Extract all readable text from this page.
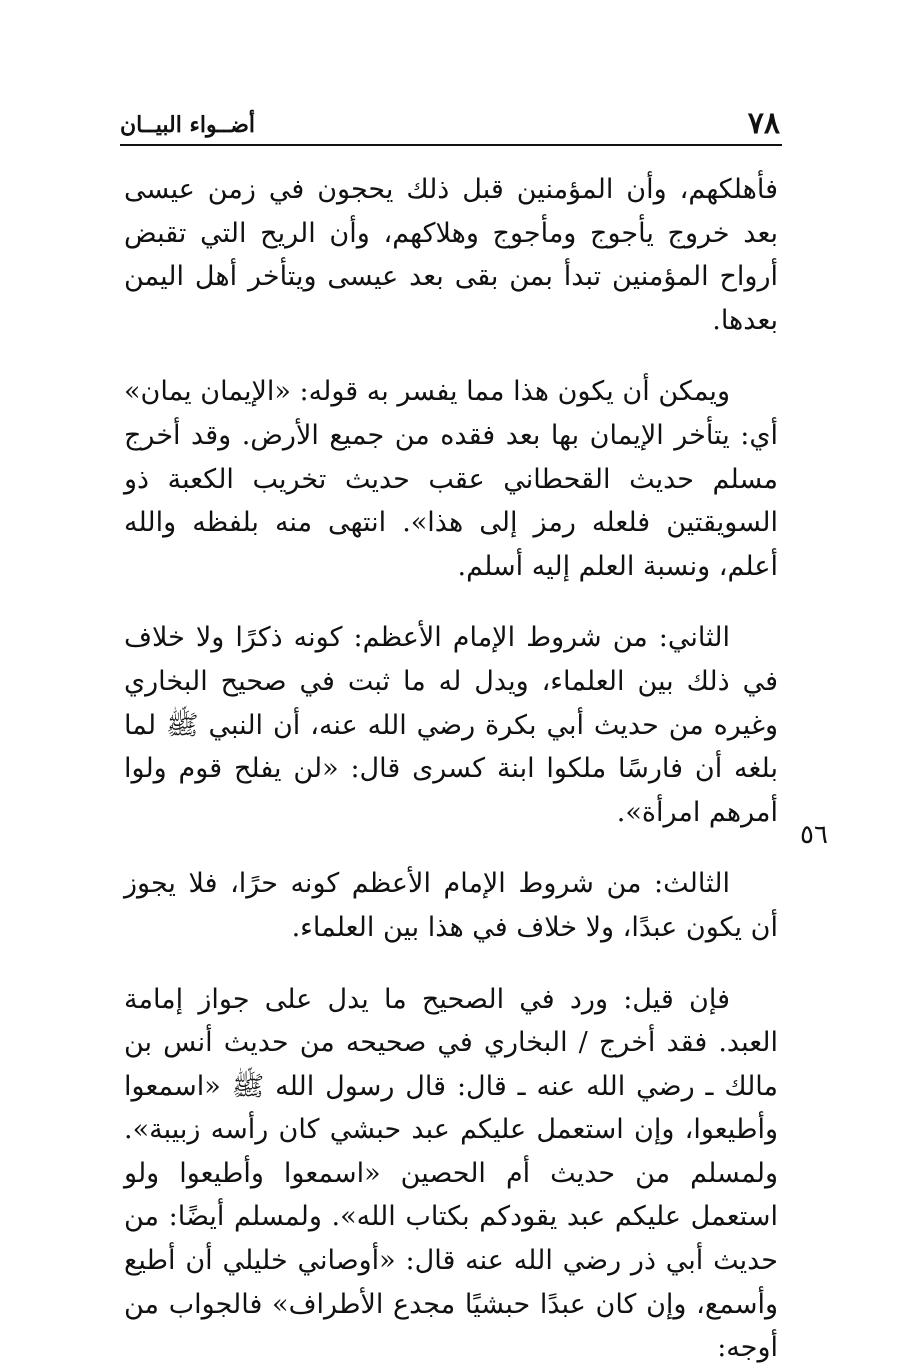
٧٨
أضــواء البيــان

فأهلكهم، وأن المؤمنين قبل ذلك يحجون في زمن عيسى بعد خروج يأجوج ومأجوج وهلاكهم، وأن الريح التي تقبض أرواح المؤمنين تبدأ بمن بقى بعد عيسى ويتأخر أهل اليمن بعدها.

ويمكن أن يكون هذا مما يفسر به قوله: «الإيمان يمان» أي: يتأخر الإيمان بها بعد فقده من جميع الأرض. وقد أخرج مسلم حديث القحطاني عقب حديث تخريب الكعبة ذو السويقتين فلعله رمز إلى هذا». انتهى منه بلفظه والله أعلم، ونسبة العلم إليه أسلم.

الثاني: من شروط الإمام الأعظم: كونه ذكرًا ولا خلاف في ذلك بين العلماء، ويدل له ما ثبت في صحيح البخاري وغيره من حديث أبي بكرة رضي الله عنه، أن النبي ﷺ لما بلغه أن فارسًا ملكوا ابنة كسرى قال: «لن يفلح قوم ولوا أمرهم امرأة».

الثالث: من شروط الإمام الأعظم كونه حرًا، فلا يجوز أن يكون عبدًا، ولا خلاف في هذا بين العلماء.

فإن قيل: ورد في الصحيح ما يدل على جواز إمامة العبد. فقد أخرج / البخاري في صحيحه من حديث أنس بن مالك ـ رضي الله عنه ـ قال: قال رسول الله ﷺ «اسمعوا وأطيعوا، وإن استعمل عليكم عبد حبشي كان رأسه زبيبة». ولمسلم من حديث أم الحصين «اسمعوا وأطيعوا ولو استعمل عليكم عبد يقودكم بكتاب الله». ولمسلم أيضًا: من حديث أبي ذر رضي الله عنه قال: «أوصاني خليلي أن أطيع وأسمع، وإن كان عبدًا حبشيًا مجدع الأطراف» فالجواب من أوجه:

٥٦
